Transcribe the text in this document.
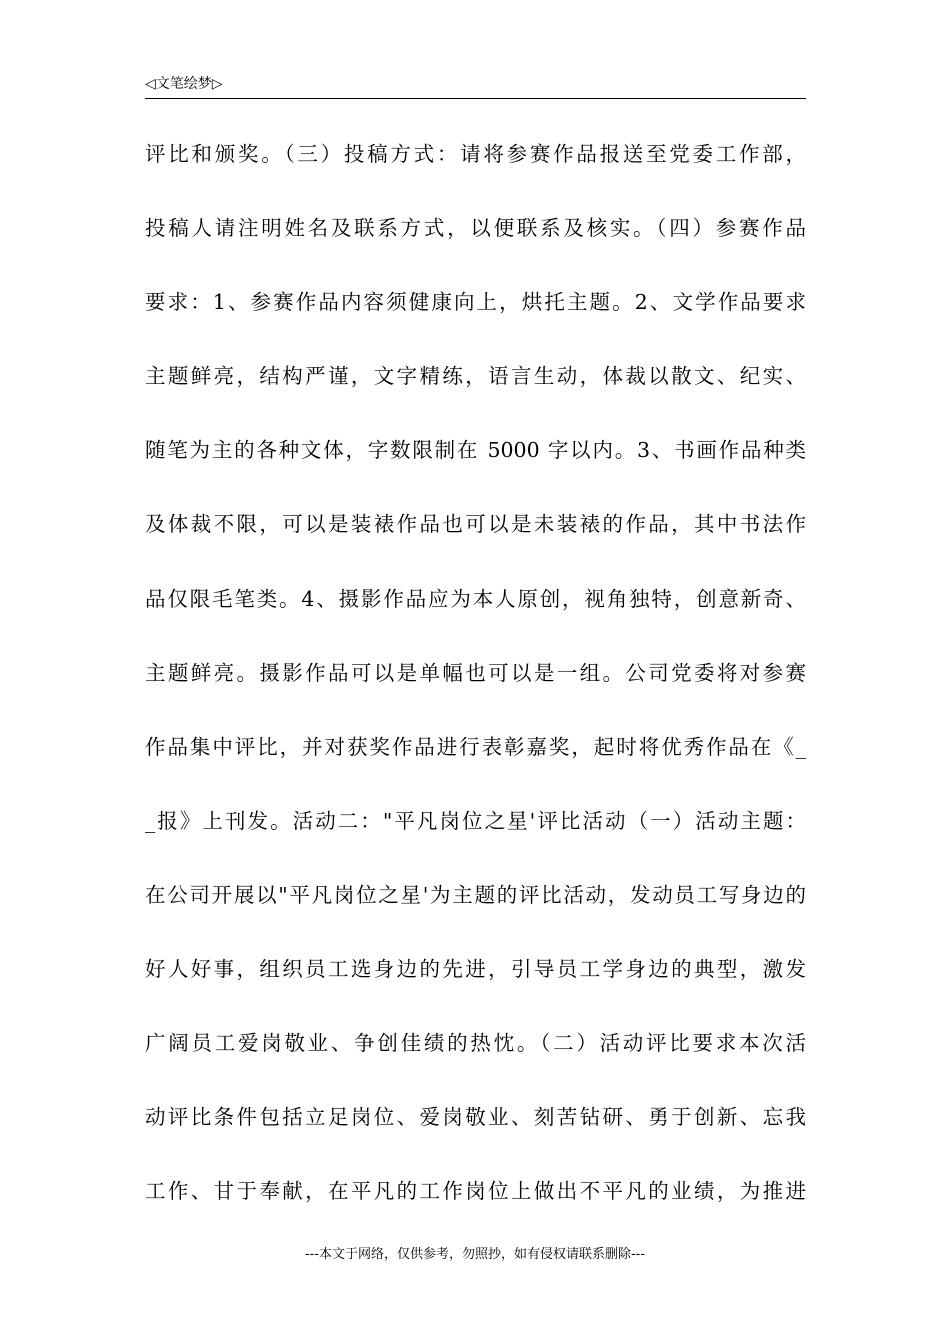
◁文笔绘梦▷
评比和颁奖。（三）投稿方式：请将参赛作品报送至党委工作部，
投稿人请注明姓名及联系方式，以便联系及核实。（四）参赛作品
要求：1、参赛作品内容须健康向上，烘托主题。2、文学作品要求
主题鲜亮，结构严谨，文字精练，语言生动，体裁以散文、纪实、
随笔为主的各种文体，字数限制在 5000 字以内。3、书画作品种类
及体裁不限，可以是装裱作品也可以是未装裱的作品，其中书法作
品仅限毛笔类。4、摄影作品应为本人原创，视角独特，创意新奇、
主题鲜亮。摄影作品可以是单幅也可以是一组。公司党委将对参赛
作品集中评比，并对获奖作品进行表彰嘉奖，起时将优秀作品在《_
_报》上刊发。活动二："平凡岗位之星'评比活动（一）活动主题：
在公司开展以"平凡岗位之星'为主题的评比活动，发动员工写身边的
好人好事，组织员工选身边的先进，引导员工学身边的典型，激发
广阔员工爱岗敬业、争创佳绩的热忱。（二）活动评比要求本次活
动评比条件包括立足岗位、爱岗敬业、刻苦钻研、勇于创新、忘我
工作、甘于奉献，在平凡的工作岗位上做出不平凡的业绩，为推进
---本文于网络，仅供参考，勿照抄，如有侵权请联系删除---
